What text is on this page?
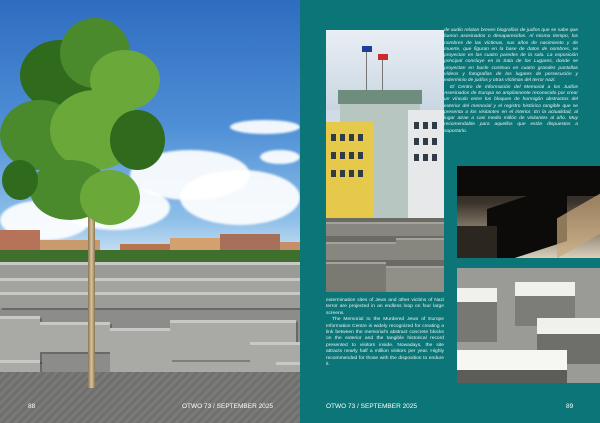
88	OTWO 73 / SEPTEMBER 2025

de audio relatan breves biografías de judíos que se sabe que fueron asesinados o desaparecidos. Al mismo tiempo, los nombres de las víctimas, sus años de nacimiento y de muerte, que figuran en la base de datos de nombres, se proyectan en las cuatro paredes de la sala. La exposición principal concluye en la Sala de los Lugares, donde se proyectan en bucle continuo en cuatro grandes pantallas vídeos y fotografías de los lugares de persecución y exterminio de judíos y otras víctimas del terror nazi.

El Centro de Información del Memorial a los Judíos Asesinados de Europa se ampliamente reconocido por crear un vínculo entre los bloques de hormigón abstractos del exterior del memorial y el registro histórico tangible que se presenta a los visitantes en el interior. En la actualidad, al lugar atrae a casi medio millón de visitantes al año. Muy recomendable para aquellos que están dispuestos a soportarlo.

extermination sites of Jews and other victims of Nazi terror are projected in an endless loop on four large screens.

The Memorial to the Murdered Jews of Europe Information Centre is widely recognized for creating a link between the memorial's abstract concrete blocks on the exterior and the tangible historical record presented to visitors inside. Nowadays, the site attracts nearly half a million visitors per year. Highly recommended for those with the disposition to endure it.

OTWO 73 / SEPTEMBER 2025	89
